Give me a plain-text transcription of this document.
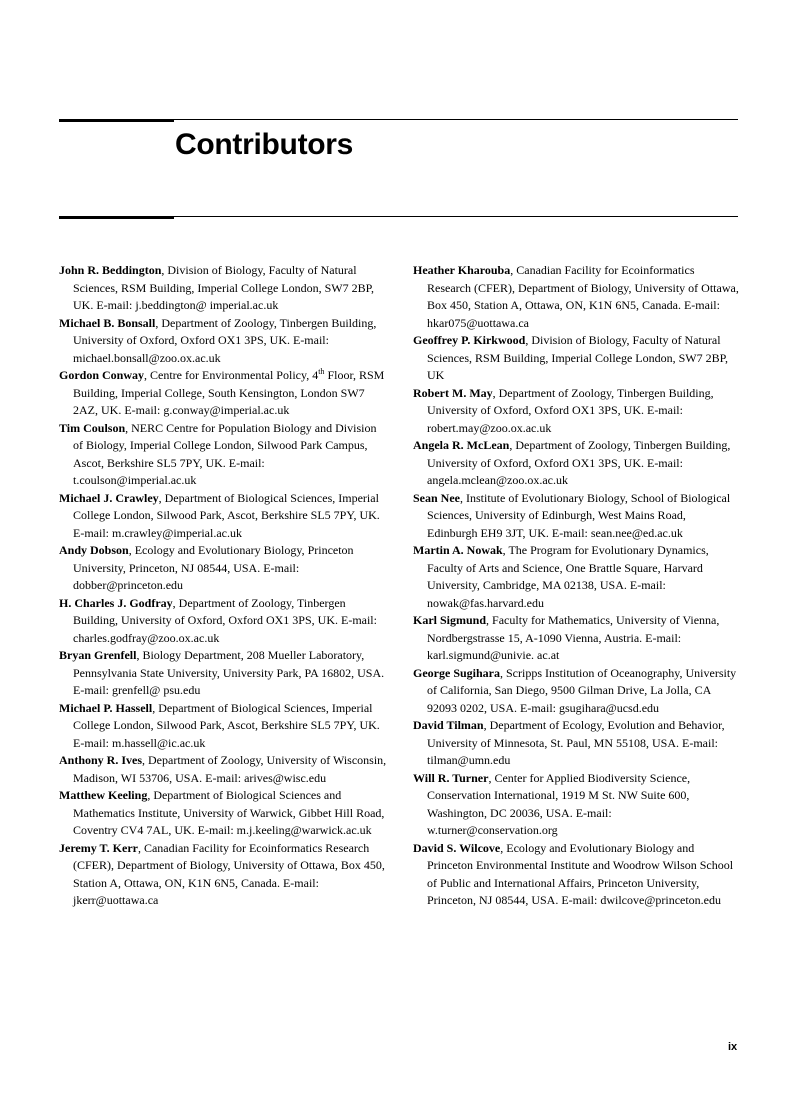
Contributors

John R. Beddington, Division of Biology, Faculty of Natural Sciences, RSM Building, Imperial College London, SW7 2BP, UK. E-mail: j.beddington@ imperial.ac.uk

Michael B. Bonsall, Department of Zoology, Tinbergen Building, University of Oxford, Oxford OX1 3PS, UK. E-mail: michael.bonsall@zoo.ox.ac.uk

Gordon Conway, Centre for Environmental Policy, 4th Floor, RSM Building, Imperial College, South Kensington, London SW7 2AZ, UK. E-mail: g.conway@imperial.ac.uk

Tim Coulson, NERC Centre for Population Biology and Division of Biology, Imperial College London, Silwood Park Campus, Ascot, Berkshire SL5 7PY, UK. E-mail: t.coulson@imperial.ac.uk

Michael J. Crawley, Department of Biological Sciences, Imperial College London, Silwood Park, Ascot, Berkshire SL5 7PY, UK. E-mail: m.crawley@imperial.ac.uk

Andy Dobson, Ecology and Evolutionary Biology, Princeton University, Princeton, NJ 08544, USA. E-mail: dobber@princeton.edu

H. Charles J. Godfray, Department of Zoology, Tinbergen Building, University of Oxford, Oxford OX1 3PS, UK. E-mail: charles.godfray@zoo.ox.ac.uk

Bryan Grenfell, Biology Department, 208 Mueller Laboratory, Pennsylvania State University, University Park, PA 16802, USA. E-mail: grenfell@ psu.edu

Michael P. Hassell, Department of Biological Sciences, Imperial College London, Silwood Park, Ascot, Berkshire SL5 7PY, UK. E-mail: m.hassell@ic.ac.uk

Anthony R. Ives, Department of Zoology, University of Wisconsin, Madison, WI 53706, USA. E-mail: arives@wisc.edu

Matthew Keeling, Department of Biological Sciences and Mathematics Institute, University of Warwick, Gibbet Hill Road, Coventry CV4 7AL, UK. E-mail: m.j.keeling@warwick.ac.uk

Jeremy T. Kerr, Canadian Facility for Ecoinformatics Research (CFER), Department of Biology, University of Ottawa, Box 450, Station A, Ottawa, ON, K1N 6N5, Canada. E-mail: jkerr@uottawa.ca

Heather Kharouba, Canadian Facility for Ecoinformatics Research (CFER), Department of Biology, University of Ottawa, Box 450, Station A, Ottawa, ON, K1N 6N5, Canada. E-mail: hkar075@uottawa.ca

Geoffrey P. Kirkwood, Division of Biology, Faculty of Natural Sciences, RSM Building, Imperial College London, SW7 2BP, UK

Robert M. May, Department of Zoology, Tinbergen Building, University of Oxford, Oxford OX1 3PS, UK. E-mail: robert.may@zoo.ox.ac.uk

Angela R. McLean, Department of Zoology, Tinbergen Building, University of Oxford, Oxford OX1 3PS, UK. E-mail: angela.mclean@zoo.ox.ac.uk

Sean Nee, Institute of Evolutionary Biology, School of Biological Sciences, University of Edinburgh, West Mains Road, Edinburgh EH9 3JT, UK. E-mail: sean.nee@ed.ac.uk

Martin A. Nowak, The Program for Evolutionary Dynamics, Faculty of Arts and Science, One Brattle Square, Harvard University, Cambridge, MA 02138, USA. E-mail: nowak@fas.harvard.edu

Karl Sigmund, Faculty for Mathematics, University of Vienna, Nordbergstrasse 15, A-1090 Vienna, Austria. E-mail: karl.sigmund@univie. ac.at

George Sugihara, Scripps Institution of Oceanography, University of California, San Diego, 9500 Gilman Drive, La Jolla, CA 92093 0202, USA. E-mail: gsugihara@ucsd.edu

David Tilman, Department of Ecology, Evolution and Behavior, University of Minnesota, St. Paul, MN 55108, USA. E-mail: tilman@umn.edu

Will R. Turner, Center for Applied Biodiversity Science, Conservation International, 1919 M St. NW Suite 600, Washington, DC 20036, USA. E-mail: w.turner@conservation.org

David S. Wilcove, Ecology and Evolutionary Biology and Princeton Environmental Institute and Woodrow Wilson School of Public and International Affairs, Princeton University, Princeton, NJ 08544, USA. E-mail: dwilcove@princeton.edu

ix
